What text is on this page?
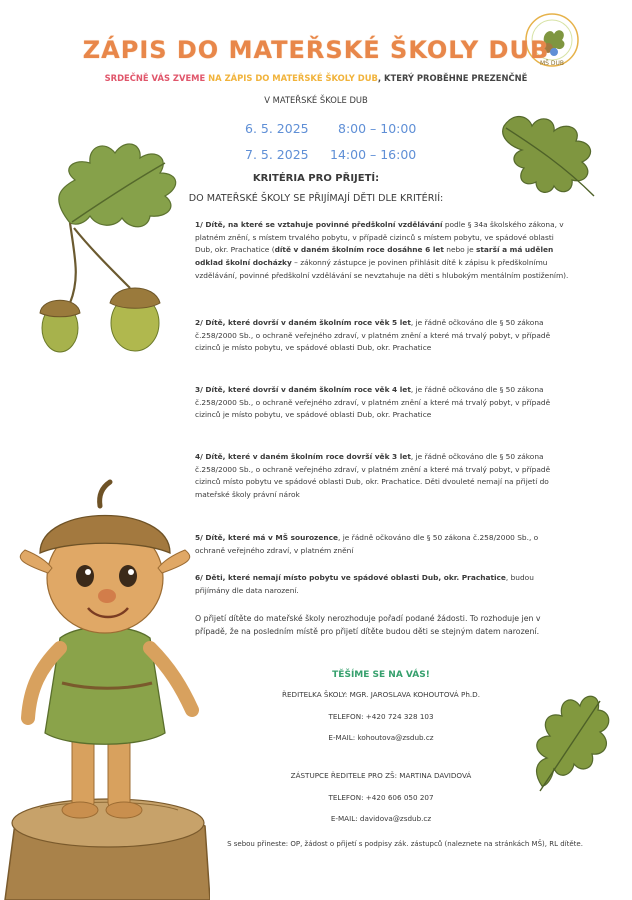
MŠ DUB
ZÁPIS DO MATEŘSKÉ ŠKOLY DUB
SRDEČNĚ VÁS ZVEME NA ZÁPIS DO MATEŘSKÉ ŠKOLY DUB, KTERÝ PROBĚHNE PREZENČNĚ
V MATEŘSKÉ ŠKOLE DUB
6. 5. 2025 8:00 – 10:00
7. 5. 2025 14:00 – 16:00
KRITÉRIA PRO PŘIJETÍ:
DO MATEŘSKÉ ŠKOLY SE PŘIJÍMAJÍ DĚTI DLE KRITÉRIÍ:
1/ Dítě, na které se vztahuje povinné předškolní vzdělávání podle § 34a školského zákona, v platném znění, s místem trvalého pobytu, v případě cizinců s místem pobytu, ve spádové oblasti Dub, okr. Prachatice (dítě v daném školním roce dosáhne 6 let nebo je starší a má udělen odklad školní docházky – zákonný zástupce je povinen přihlásit dítě k zápisu k předškolnímu vzdělávání, povinné předškolní vzdělávání se nevztahuje na děti s hlubokým mentálním postižením).
2/ Dítě, které dovrší v daném školním roce věk 5 let, je řádně očkováno dle § 50 zákona č.258/2000 Sb., o ochraně veřejného zdraví, v platném znění a které má trvalý pobyt, v případě cizinců je místo pobytu, ve spádové oblasti Dub, okr. Prachatice
3/ Dítě, které dovrší v daném školním roce věk 4 let, je řádně očkováno dle § 50 zákona č.258/2000 Sb., o ochraně veřejného zdraví, v platném znění a které má trvalý pobyt, v případě cizinců je místo pobytu, ve spádové oblasti Dub, okr. Prachatice
4/ Dítě, které v daném školním roce dovrší věk 3 let, je řádně očkováno dle § 50 zákona č.258/2000 Sb., o ochraně veřejného zdraví, v platném znění a které má trvalý pobyt, v případě cizinců místo pobytu ve spádové oblasti Dub, okr. Prachatice. Děti dvouleté nemají na přijetí do mateřské školy právní nárok
5/ Dítě, které má v MŠ sourozence, je řádně očkováno dle § 50 zákona č.258/2000 Sb., o ochraně veřejného zdraví, v platném znění
6/ Děti, které nemají místo pobytu ve spádové oblasti Dub, okr. Prachatice, budou přijímány dle data narození.
O přijetí dítěte do mateřské školy nerozhoduje pořadí podané žádosti. To rozhoduje jen v případě, že na posledním místě pro přijetí dítěte budou děti se stejným datem narození.
TĚŠÍME SE NA VÁS!
ŘEDITELKA ŠKOLY: MGR. JAROSLAVA KOHOUTOVÁ Ph.D.
TELEFON: +420 724 328 103
E-MAIL: kohoutova@zsdub.cz
ZÁSTUPCE ŘEDITELE PRO ZŠ: MARTINA DAVIDOVÁ
TELEFON: +420 606 050 207
E-MAIL: davidova@zsdub.cz
S sebou přineste: OP, žádost o přijetí s podpisy zák. zástupců (naleznete na stránkách MŠ), RL dítěte.
